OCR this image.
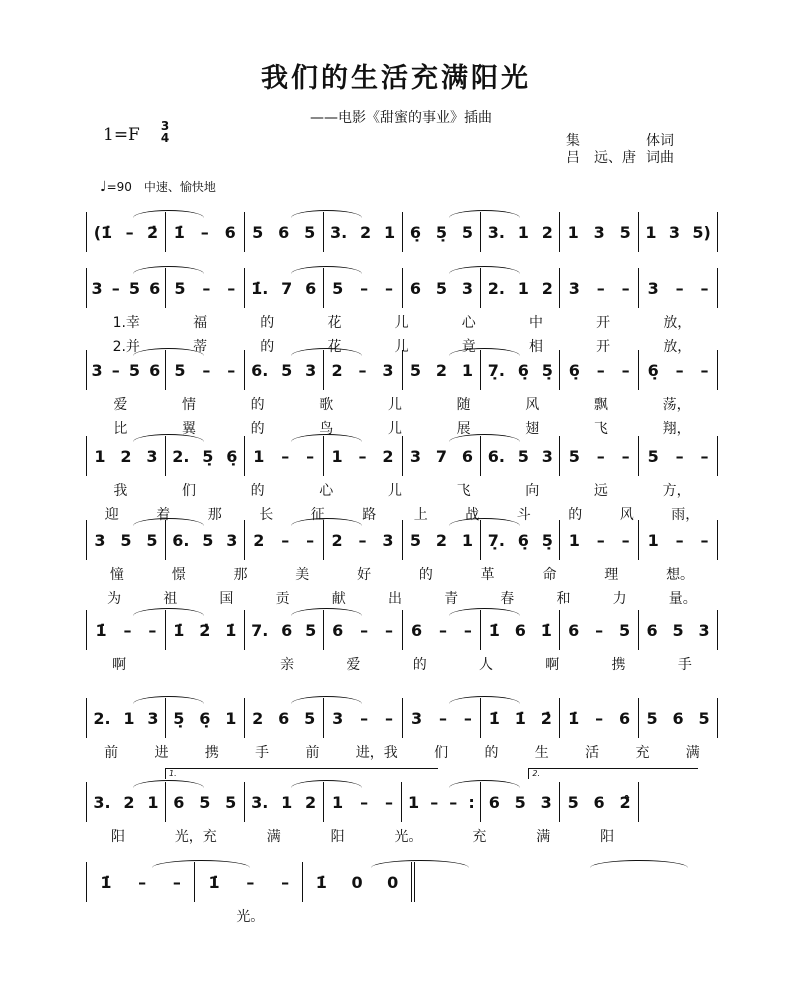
我们的生活充满阳光
——电影《甜蜜的事业》插曲
1=F 3
4	集	体词
吕　远、唐 词曲
♩=90　中速、愉快地
(1̇ – 2̇ 1̇ – 6 5 6 5 3. 2 1 6̣ 5̣ 5 3. 1 2 1 3 5 1 3 5)
3 – 5 6 5 – – 1̇. 7 6 5 – – 6 5 3 2. 1 2 3 – – 3 – –
1.幸	福	的	花	儿	心	中	开	放，
2.并	蒂	的	花	儿	竟	相	开	放，
3 – 5 6 5 – – 6. 5 3 2 – 3 5 2 1 7̣. 6̣ 5̣ 6̣ – – 6̣ – –
爱	情	的	歌	儿	随	风	飘	荡，
比	翼	的	鸟	儿	展	翅	飞	翔，
1 2 3 2. 5̣ 6̣ 1 – – 1 – 2 3 7 6 6. 5 3 5 – – 5 – –
我	们	的	心	儿	飞	向	远	方，
迎	着	那	长	征	路	上	战	斗	的	风	雨，
3 5 5 6. 5 3 2 – – 2 – 3 5 2 1 7̣. 6̣ 5̣ 1 – – 1 – –
憧	憬	那	美	好	的	革	命	理	想。
为	祖	国	贡	献	出	青	春	和	力	量。
1̇ – – 1̇ 2̇ 1̇ 7. 6 5 6 – – 6 – – 1̇ 6 1̇ 6 – 5 6 5 3
啊　　　　　　　　　　　亲	爱	的	人	啊	携	手
2. 1 3 5̣ 6̣ 1 2 6 5 3 – – 3 – – 1̇ 1̇ 2̇ 1̇ – 6 5 6 5
前	进	携	手	前	进，我	们	的	生	活	充	满
3. 2 1 6 5 5 3. 1 2 1 – – 1 – – : 6 5 3 5 6 2̂
1.	2.
阳	光，充	满	阳	光。	充	满	阳
1̇ – – 1̇ – – 1̇ 0 0
光。
